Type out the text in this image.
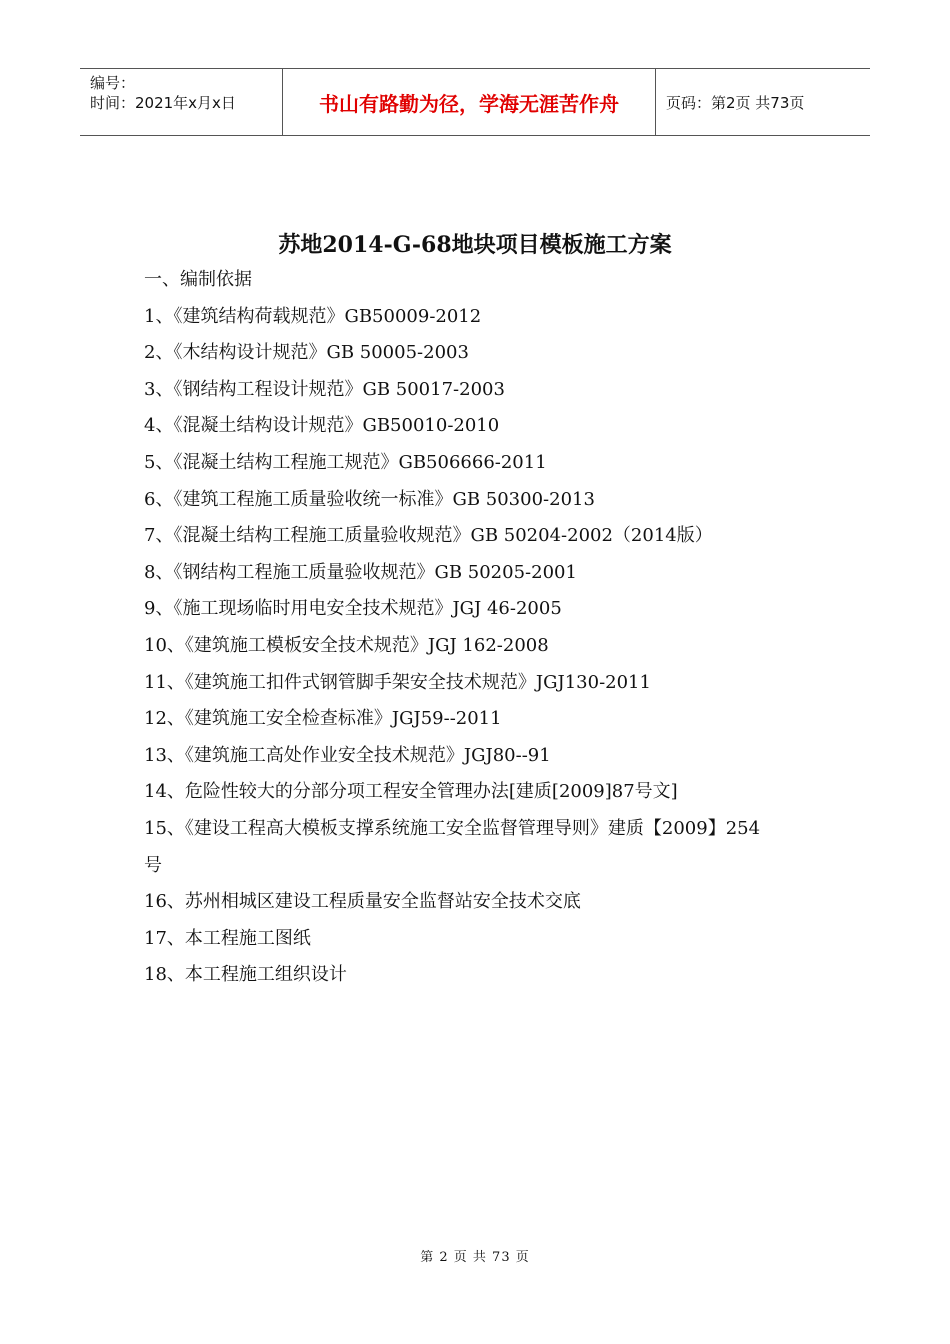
编号：
时间：2021年x月x日	书山有路勤为径，学海无涯苦作舟	页码：第2页 共73页
苏地2014-G-68地块项目模板施工方案
一、编制依据
1、《建筑结构荷载规范》GB50009-2012
2、《木结构设计规范》GB 50005-2003
3、《钢结构工程设计规范》GB 50017-2003
4、《混凝土结构设计规范》GB50010-2010
5、《混凝土结构工程施工规范》GB506666-2011
6、《建筑工程施工质量验收统一标准》GB 50300-2013
7、《混凝土结构工程施工质量验收规范》GB 50204-2002（2014版）
8、《钢结构工程施工质量验收规范》GB 50205-2001
9、《施工现场临时用电安全技术规范》JGJ 46-2005
10、《建筑施工模板安全技术规范》JGJ 162-2008
11、《建筑施工扣件式钢管脚手架安全技术规范》JGJ130-2011
12、《建筑施工安全检查标准》JGJ59--2011
13、《建筑施工高处作业安全技术规范》JGJ80--91
14、危险性较大的分部分项工程安全管理办法[建质[2009]87号文]
15、《建设工程高大模板支撑系统施工安全监督管理导则》建质【2009】254
号
16、苏州相城区建设工程质量安全监督站安全技术交底
17、本工程施工图纸
18、本工程施工组织设计
第 2 页 共 73 页
